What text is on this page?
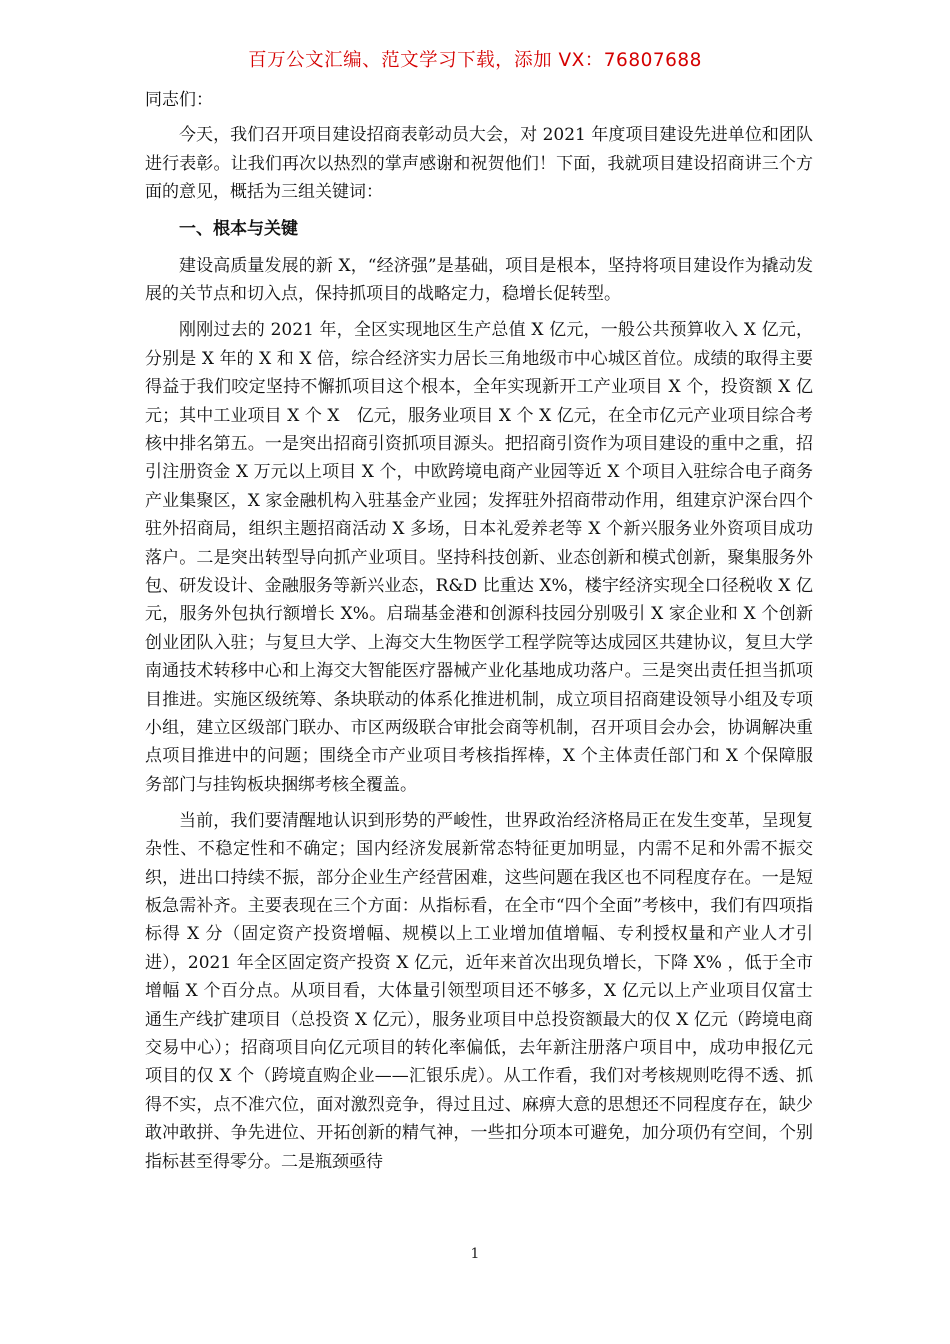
百万公文汇编、范文学习下载，添加 VX：76807688

同志们：

今天，我们召开项目建设招商表彰动员大会，对 2021 年度项目建设先进单位和团队进行表彰。让我们再次以热烈的掌声感谢和祝贺他们！下面，我就项目建设招商讲三个方面的意见，概括为三组关键词：

一、根本与关键

建设高质量发展的新 X，“经济强”是基础，项目是根本，坚持将项目建设作为撬动发展的关节点和切入点，保持抓项目的战略定力，稳增长促转型。

刚刚过去的 2021 年，全区实现地区生产总值 X 亿元，一般公共预算收入 X 亿元，分别是 X 年的 X 和 X 倍，综合经济实力居长三角地级市中心城区首位。成绩的取得主要得益于我们咬定坚持不懈抓项目这个根本，全年实现新开工产业项目 X 个，投资额 X 亿元；其中工业项目 X 个 X　亿元，服务业项目 X 个 X 亿元，在全市亿元产业项目综合考核中排名第五。一是突出招商引资抓项目源头。把招商引资作为项目建设的重中之重，招引注册资金 X 万元以上项目 X 个，中欧跨境电商产业园等近 X 个项目入驻综合电子商务产业集聚区，X 家金融机构入驻基金产业园；发挥驻外招商带动作用，组建京沪深台四个驻外招商局，组织主题招商活动 X 多场，日本礼爱养老等 X 个新兴服务业外资项目成功落户。二是突出转型导向抓产业项目。坚持科技创新、业态创新和模式创新，聚集服务外包、研发设计、金融服务等新兴业态，R&D 比重达 X%，楼宇经济实现全口径税收 X 亿元，服务外包执行额增长 X%。启瑞基金港和创源科技园分别吸引 X 家企业和 X 个创新创业团队入驻；与复旦大学、上海交大生物医学工程学院等达成园区共建协议，复旦大学南通技术转移中心和上海交大智能医疗器械产业化基地成功落户。三是突出责任担当抓项目推进。实施区级统筹、条块联动的体系化推进机制，成立项目招商建设领导小组及专项小组，建立区级部门联办、市区两级联合审批会商等机制，召开项目会办会，协调解决重点项目推进中的问题；围绕全市产业项目考核指挥棒，X 个主体责任部门和 X 个保障服务部门与挂钩板块捆绑考核全覆盖。

当前，我们要清醒地认识到形势的严峻性，世界政治经济格局正在发生变革，呈现复杂性、不稳定性和不确定；国内经济发展新常态特征更加明显，内需不足和外需不振交织，进出口持续不振，部分企业生产经营困难，这些问题在我区也不同程度存在。一是短板急需补齐。主要表现在三个方面：从指标看，在全市“四个全面”考核中，我们有四项指标得 X 分（固定资产投资增幅、规模以上工业增加值增幅、专利授权量和产业人才引进），2021 年全区固定资产投资 X 亿元，近年来首次出现负增长，下降 X% ，低于全市增幅 X 个百分点。从项目看，大体量引领型项目还不够多，X 亿元以上产业项目仅富士通生产线扩建项目（总投资 X 亿元），服务业项目中总投资额最大的仅 X 亿元（跨境电商交易中心）；招商项目向亿元项目的转化率偏低，去年新注册落户项目中，成功申报亿元项目的仅 X 个（跨境直购企业——汇银乐虎）。从工作看，我们对考核规则吃得不透、抓得不实，点不准穴位，面对激烈竞争，得过且过、麻痹大意的思想还不同程度存在，缺少敢冲敢拼、争先进位、开拓创新的精气神，一些扣分项本可避免，加分项仍有空间，个别指标甚至得零分。二是瓶颈亟待

1
